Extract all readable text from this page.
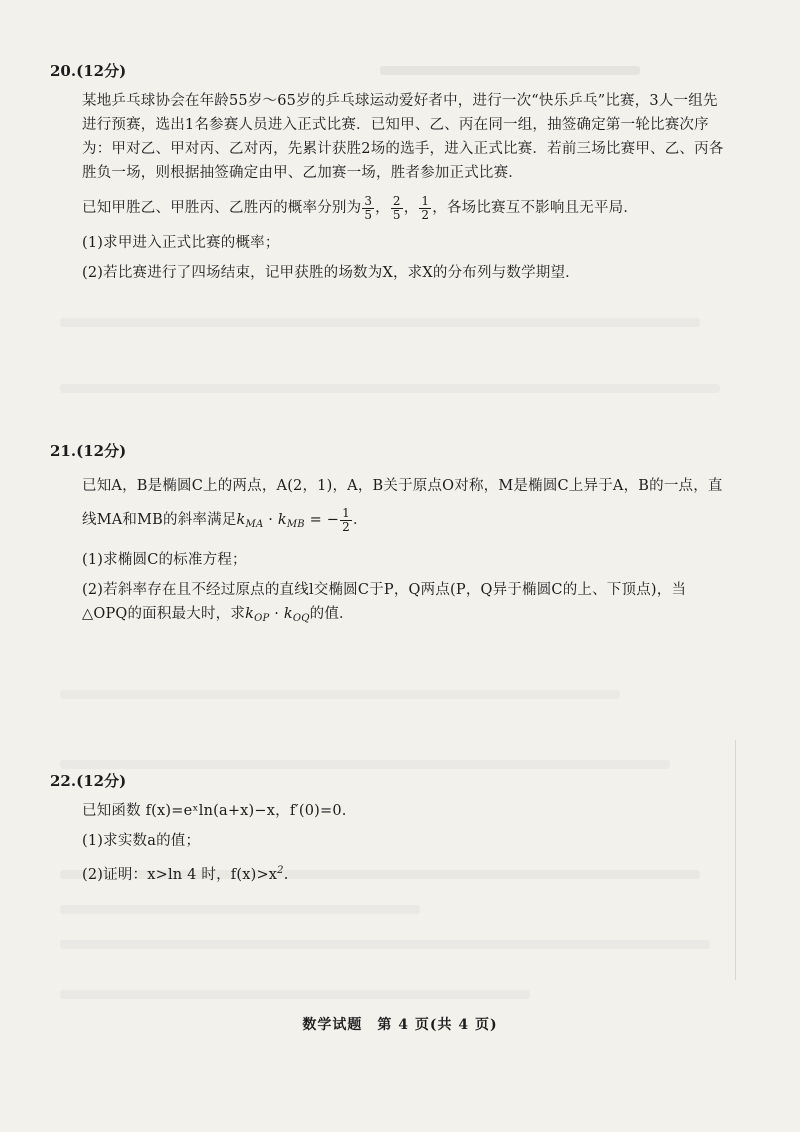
20.(12分)

某地乒乓球协会在年龄55岁～65岁的乒乓球运动爱好者中，进行一次“快乐乒乓”比赛，3人一组先进行预赛，选出1名参赛人员进入正式比赛．已知甲、乙、丙在同一组，抽签确定第一轮比赛次序为：甲对乙、甲对丙、乙对丙，先累计获胜2场的选手，进入正式比赛．若前三场比赛甲、乙、丙各胜负一场，则根据抽签确定由甲、乙加赛一场，胜者参加正式比赛．

已知甲胜乙、甲胜丙、乙胜丙的概率分别为 $\frac{3}{5}$ ， $\frac{2}{5}$ ， $\frac{1}{2}$ ，各场比赛互不影响且无平局．

(1)求甲进入正式比赛的概率；

(2)若比赛进行了四场结束，记甲获胜的场数为X，求X的分布列与数学期望．

21.(12分)

已知A，B是椭圆C上的两点，A(2，1)，A，B关于原点O对称，M是椭圆C上异于A，B的一点，直线MA和MB的斜率满足$k_{MA} \cdot k_{MB}$ = − $\frac{1}{2}$ ．

(1)求椭圆C的标准方程；

(2)若斜率存在且不经过原点的直线l交椭圆C于P，Q两点(P，Q异于椭圆C的上、下顶点)，当△OPQ的面积最大时，求$k_{OP} \cdot k_{OQ}$的值．

22.(12分)

已知函数 f(x)=eˣln(a+x)−x，f′(0)=0.

(1)求实数a的值；

(2)证明：x>ln 4 时，$f(x)>x^2$.

数学试题　第 4 页(共 4 页)
